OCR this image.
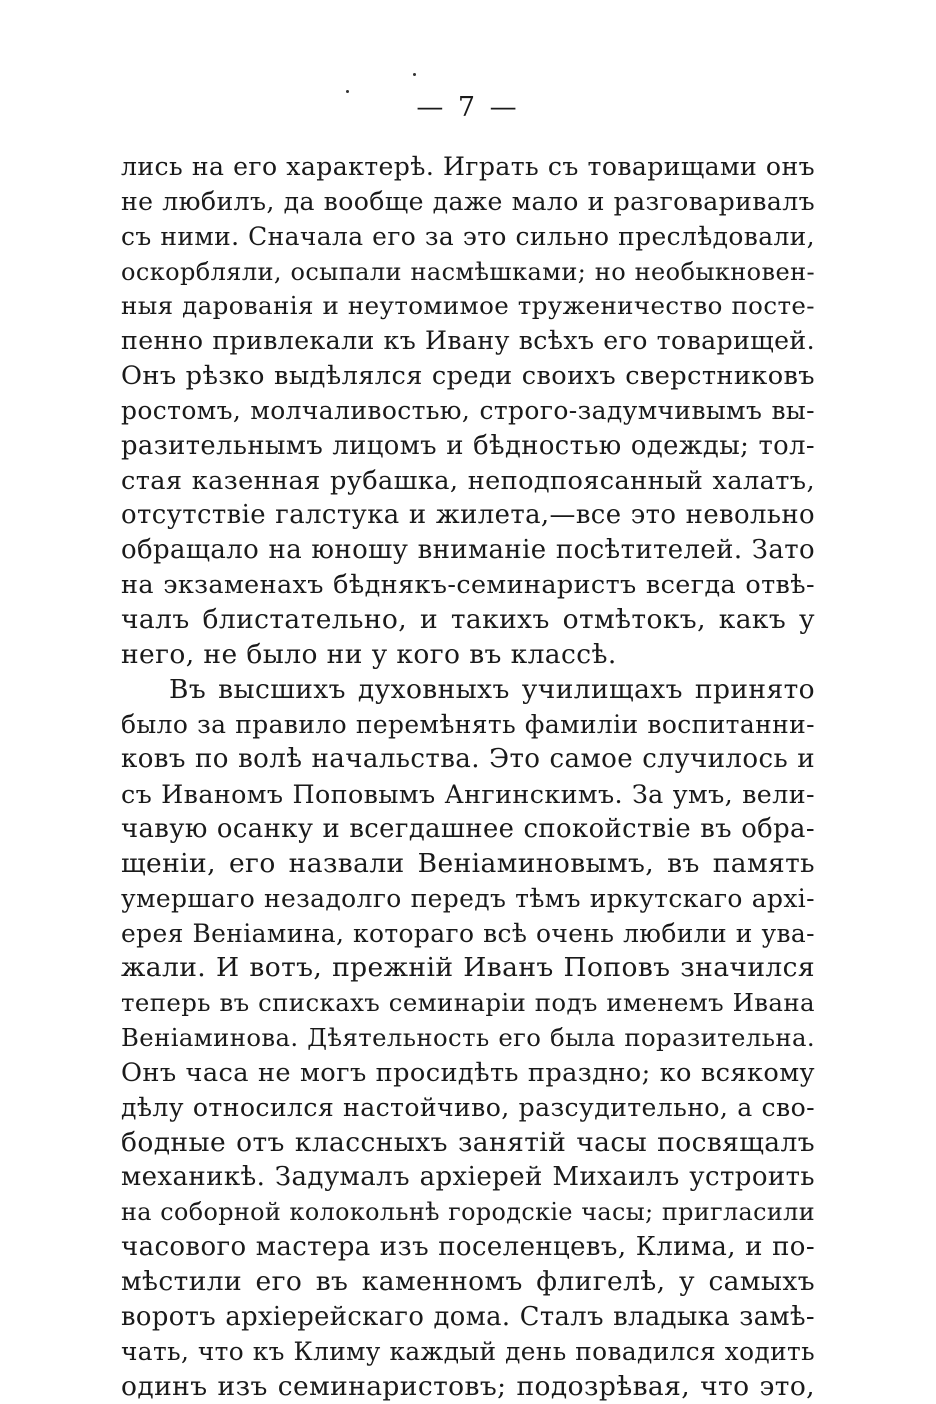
— 7 —
лись на его характерѣ. Играть съ товарищами онъ
не любилъ, да вообще даже мало и разговаривалъ
съ ними. Сначала его за это сильно преслѣдовали,
оскорбляли, осыпали насмѣшками; но необыкновен-
ныя дарованія и неутомимое труженичество посте-
пенно привлекали къ Ивану всѣхъ его товарищей.
Онъ рѣзко выдѣлялся среди своихъ сверстниковъ
ростомъ, молчаливостью, строго-задумчивымъ вы-
разительнымъ лицомъ и бѣдностью одежды; тол-
стая казенная рубашка, неподпоясанный халатъ,
отсутствіе галстука и жилета,—все это невольно
обращало на юношу вниманіе посѣтителей. Зато
на экзаменахъ бѣднякъ-семинаристъ всегда отвѣ-
чалъ блистательно, и такихъ отмѣтокъ, какъ у
него, не было ни у кого въ классѣ.
Въ высшихъ духовныхъ училищахъ принято
было за правило перемѣнять фамиліи воспитанни-
ковъ по волѣ начальства. Это самое случилось и
съ Иваномъ Поповымъ Ангинскимъ. За умъ, вели-
чавую осанку и всегдашнее спокойствіе въ обра-
щеніи, его назвали Веніаминовымъ, въ память
умершаго незадолго передъ тѣмъ иркутскаго архі-
ерея Веніамина, котораго всѣ очень любили и ува-
жали. И вотъ, прежній Иванъ Поповъ значился
теперь въ спискахъ семинаріи подъ именемъ Ивана
Веніаминова. Дѣятельность его была поразительна.
Онъ часа не могъ просидѣть праздно; ко всякому
дѣлу относился настойчиво, разсудительно, а сво-
бодные отъ классныхъ занятій часы посвящалъ
механикѣ. Задумалъ архіерей Михаилъ устроить
на соборной колокольнѣ городскіе часы; пригласили
часового мастера изъ поселенцевъ, Клима, и по-
мѣстили его въ каменномъ флигелѣ, у самыхъ
воротъ архіерейскаго дома. Сталъ владыка замѣ-
чать, что къ Климу каждый день повадился ходить
одинъ изъ семинаристовъ; подозрѣвая, что это,
